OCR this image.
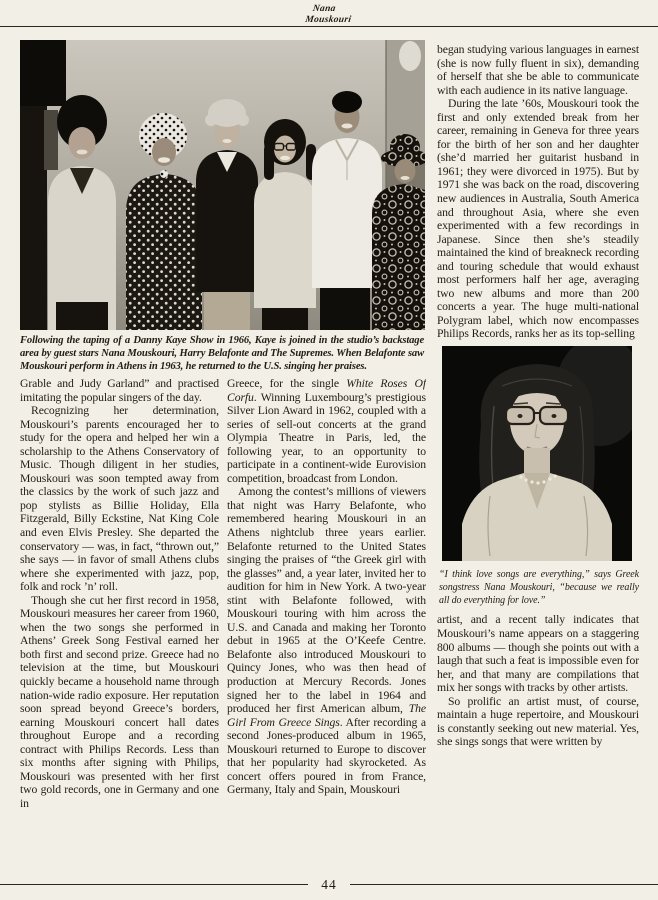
Nana
Mouskouri
Following the taping of a Danny Kaye Show in 1966, Kaye is joined in the studio’s backstage area by guest stars Nana Mouskouri, Harry Belafonte and The Supremes. When Belafonte saw Mouskouri perform in Athens in 1963, he returned to the U.S. singing her praises.

Grable and Judy Garland” and practised imitating the popular singers of the day.

Recognizing her determination, Mouskouri’s parents encouraged her to study for the opera and helped her win a scholarship to the Athens Conservatory of Music. Though diligent in her studies, Mouskouri was soon tempted away from the classics by the work of such jazz and pop stylists as Billie Holiday, Ella Fitzgerald, Billy Eckstine, Nat King Cole and even Elvis Presley. She departed the conservatory — was, in fact, “thrown out,” she says — in favor of small Athens clubs where she experimented with jazz, pop, folk and rock ’n’ roll.

Though she cut her first record in 1958, Mouskouri measures her career from 1960, when the two songs she performed in Athens’ Greek Song Festival earned her both first and second prize. Greece had no television at the time, but Mouskouri quickly became a household name through nation-wide radio exposure. Her reputation soon spread beyond Greece’s borders, earning Mouskouri concert hall dates throughout Europe and a recording contract with Philips Records. Less than six months after signing with Philips, Mouskouri was presented with her first two gold records, one in Germany and one in

Greece, for the single White Roses Of Corfu. Winning Luxembourg’s prestigious Silver Lion Award in 1962, coupled with a series of sell-out concerts at the grand Olympia Theatre in Paris, led, the following year, to an opportunity to participate in a continent-wide Eurovision competition, broadcast from London.

Among the contest’s millions of viewers that night was Harry Belafonte, who remembered hearing Mouskouri in an Athens nightclub three years earlier. Belafonte returned to the United States singing the praises of “the Greek girl with the glasses” and, a year later, invited her to audition for him in New York. A two-year stint with Belafonte followed, with Mouskouri touring with him across the U.S. and Canada and making her Toronto debut in 1965 at the O’Keefe Centre. Belafonte also introduced Mouskouri to Quincy Jones, who was then head of production at Mercury Records. Jones signed her to the label in 1964 and produced her first American album, The Girl From Greece Sings. After recording a second Jones-produced album in 1965, Mouskouri returned to Europe to discover that her popularity had skyrocketed. As concert offers poured in from France, Germany, Italy and Spain, Mouskouri

began studying various languages in earnest (she is now fully fluent in six), demanding of herself that she be able to communicate with each audience in its native language.

During the late ’60s, Mouskouri took the first and only extended break from her career, remaining in Geneva for three years for the birth of her son and her daughter (she’d married her guitarist husband in 1961; they were divorced in 1975). But by 1971 she was back on the road, discovering new audiences in Australia, South America and throughout Asia, where she even experimented with a few recordings in Japanese. Since then she’s steadily maintained the kind of breakneck recording and touring schedule that would exhaust most performers half her age, averaging two new albums and more than 200 concerts a year. The huge multi-national Polygram label, which now encompasses Philips Records, ranks her as its top-selling

“I think love songs are everything,” says Greek songstress Nana Mouskouri, “because we really all do everything for love.”

artist, and a recent tally indicates that Mouskouri’s name appears on a staggering 800 albums — though she points out with a laugh that such a feat is impossible even for her, and that many are compilations that mix her songs with tracks by other artists.

So prolific an artist must, of course, maintain a huge repertoire, and Mouskouri is constantly seeking out new material. Yes, she sings songs that were written by

44
